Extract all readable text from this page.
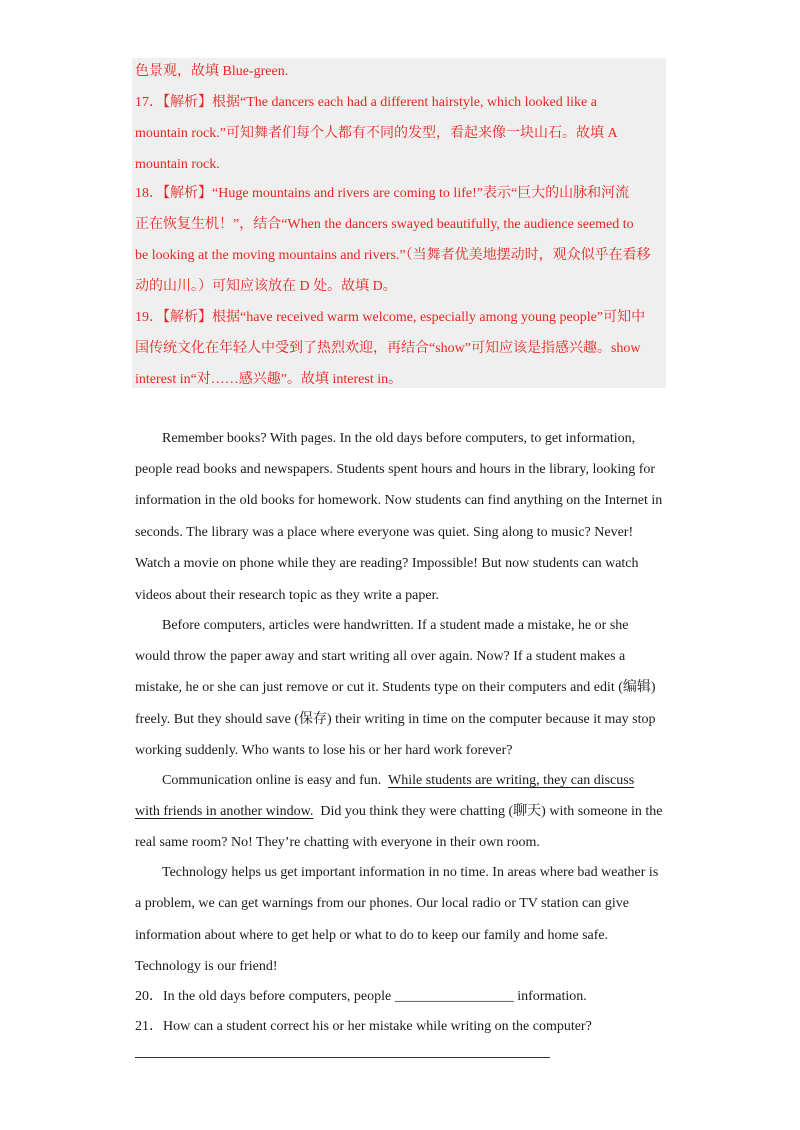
色景观，故填 Blue-green.
17．【解析】根据“The dancers each had a different hairstyle, which looked like a
mountain rock.”可知舞者们每个人都有不同的发型，看起来像一块山石。故填 A
mountain rock.
18．【解析】“Huge mountains and rivers are coming to life!”表示“巨大的山脉和河流
正在恢复生机！”，结合“When the dancers swayed beautifully, the audience seemed to
be looking at the moving mountains and rivers.”（当舞者优美地摆动时，观众似乎在看移
动的山川。）可知应该放在 D 处。故填 D。
19．【解析】根据“have received warm welcome, especially among young people”可知中
国传统文化在年轻人中受到了热烈欢迎，再结合“show”可知应该是指感兴趣。show
interest in“对……感兴趣”。故填 interest in。
Remember books? With pages. In the old days before computers, to get information,
people read books and newspapers. Students spent hours and hours in the library, looking for
information in the old books for homework. Now students can find anything on the Internet in
seconds. The library was a place where everyone was quiet. Sing along to music? Never!
Watch a movie on phone while they are reading? Impossible! But now students can watch
videos about their research topic as they write a paper.
Before computers, articles were handwritten. If a student made a mistake, he or she
would throw the paper away and start writing all over again. Now? If a student makes a
mistake, he or she can just remove or cut it. Students type on their computers and edit (编辑)
freely. But they should save (保存) their writing in time on the computer because it may stop
working suddenly. Who wants to lose his or her hard work forever?
Communication online is easy and fun. While students are writing, they can discuss
with friends in another window. Did you think they were chatting (聊天) with someone in the
real same room? No! They’re chatting with everyone in their own room.
Technology helps us get important information in no time. In areas where bad weather is
a problem, we can get warnings from our phones. Our local radio or TV station can give
information about where to get help or what to do to keep our family and home safe.
Technology is our friend!
20．In the old days before computers, people _________________ information.
21．How can a student correct his or her mistake while writing on the computer?
